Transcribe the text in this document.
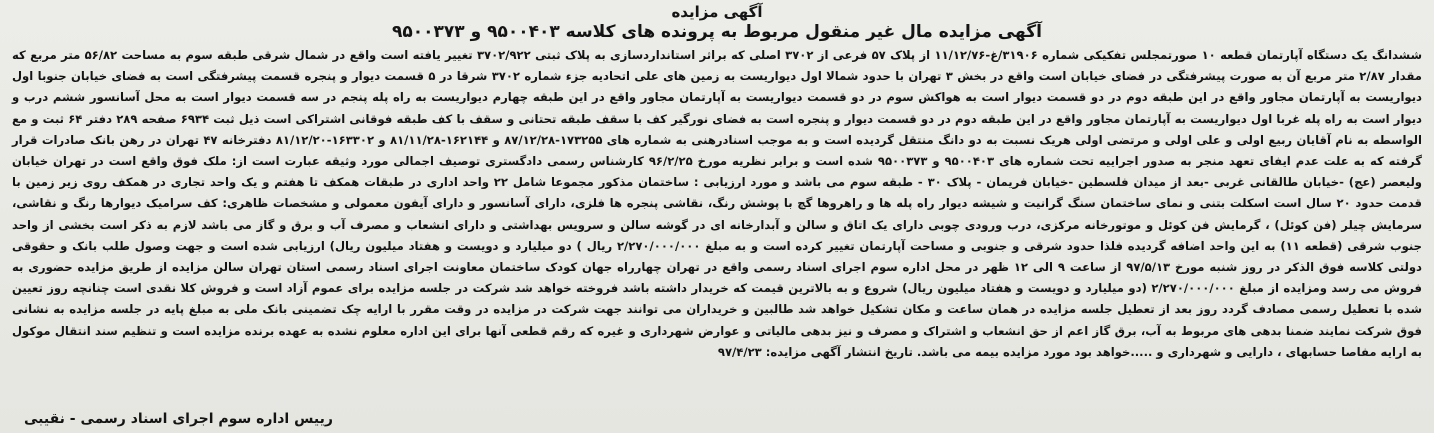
آگهی مزایده
آگهی مزایده مال غیر منقول مربوط به پرونده های کلاسه ۹۵۰۰۴۰۳ و ۹۵۰۰۳۷۳

ششدانگ یک دستگاه آپارتمان قطعه ۱۰ صورتمجلس تفکیکی شماره ۳۱۹۰۶/غ-۱۱/۱۲/۷۶ از پلاک ۵۷ فرعی از ۳۷۰۲ اصلی که براثر استانداردسازی به پلاک ثبتی ۳۷۰۲/۹۲۲ تغییر یافته است واقع در شمال شرقی طبقه سوم به مساحت ۵۶/۸۲ متر مربع که مقدار ۲/۸۷ متر مربع آن به صورت پیشرفتگی در فضای خیابان است واقع در بخش ۳ تهران با حدود شمالا اول دیواریست به زمین های علی اتحادیه جزء شماره ۳۷۰۲ شرقا در ۵ قسمت دیوار و پنجره قسمت پیشرفتگی است به فضای خیابان جنوبا اول دیواریست به آپارتمان مجاور واقع در این طبقه دوم در دو قسمت دیوار است به هواکش سوم در دو قسمت دیواریست به آپارتمان مجاور واقع در این طبقه چهارم دیواریست به راه پله پنجم در سه قسمت دیوار است به محل آسانسور ششم درب و دیوار است به راه پله غربا اول دیواریست به آپارتمان مجاور واقع در این طبقه دوم در دو قسمت دیوار و پنجره است به فضای نورگیر کف با سقف طبقه تحتانی و سقف با کف طبقه فوقانی اشتراکی است ذیل ثبت ۶۹۳۴ صفحه ۲۸۹ دفتر ۶۴ ثبت و مع الواسطه به نام آقایان ربیع اولی و علی اولی و مرتضی اولی هریک نسبت به دو دانگ منتقل گردیده است و به موجب اسنادرهنی به شماره های ۱۷۳۲۵۵-۸۷/۱۲/۲۸ و ۱۶۲۱۴۴-۸۱/۱۱/۲۸ و ۱۶۳۳۰۲-۸۱/۱۲/۲۰ دفترخانه ۴۷ تهران در رهن بانک صادرات قرار گرفته که به علت عدم ایفای تعهد منجر به صدور اجراییه تحت شماره های ۹۵۰۰۴۰۳ و ۹۵۰۰۳۷۳ شده است و برابر نظریه مورخ ۹۶/۲/۲۵ کارشناس رسمی دادگستری توصیف اجمالی مورد وثیقه عبارت است از: ملک فوق واقع است در تهران خیابان ولیعصر (عج) -خیابان طالقانی غربی -بعد از میدان فلسطین -خیابان فریمان - پلاک ۳۰ - طبقه سوم می باشد و مورد ارزیابی : ساختمان مذکور مجموعا شامل ۲۲ واحد اداری در طبقات همکف تا هفتم و یک واحد تجاری در همکف روی زیر زمین با قدمت حدود ۲۰ سال است اسکلت بتنی و نمای ساختمان سنگ گرانیت و شیشه دیوار راه پله ها و راهروها گچ با پوشش رنگ، نقاشی پنجره ها فلزی، دارای آسانسور و دارای آیفون معمولی و مشخصات ظاهری: کف سرامیک دیوارها رنگ و نقاشی، سرمایش چیلر (فن کوئل) ، گرمایش فن کوئل و موتورخانه مرکزی، درب ورودی چوبی دارای یک اتاق و سالن و آبدارخانه ای در گوشه سالن و سرویس بهداشتی و دارای انشعاب و مصرف آب و برق و گاز می باشد لازم به ذکر است بخشی از واحد جنوب شرقی (قطعه ۱۱) به این واحد اضافه گردیده فلذا حدود شرقی و جنوبی و مساحت آپارتمان تغییر کرده است و به مبلغ ۲/۲۷۰/۰۰۰/۰۰۰ ریال ) دو میلیارد و دویست و هفتاد میلیون ریال) ارزیابی شده است و جهت وصول طلب بانک و حقوقی دولتی کلاسه فوق الذکر در روز شنبه مورخ ۹۷/۵/۱۳ از ساعت ۹ الی ۱۲ ظهر در محل اداره سوم اجرای اسناد رسمی واقع در تهران چهارراه جهان کودک ساختمان معاونت اجرای اسناد رسمی استان تهران سالن مزایده از طریق مزایده حضوری به فروش می رسد ومزایده از مبلغ ۲/۲۷۰/۰۰۰/۰۰۰ (دو میلیارد و دویست و هفتاد میلیون ریال) شروع و به بالاترین قیمت که خریدار داشته باشد فروخته خواهد شد شرکت در جلسه مزایده برای عموم آزاد است و فروش کلا نقدی است چنانچه روز تعیین شده با تعطیل رسمی مصادف گردد روز بعد از تعطیل جلسه مزایده در همان ساعت و مکان تشکیل خواهد شد طالبین و خریداران می توانند جهت شرکت در مزایده در وقت مقرر با ارایه چک تضمینی بانک ملی به مبلغ پایه در جلسه مزایده به نشانی فوق شرکت نمایند ضمنا بدهی های مربوط به آب، برق گاز اعم از حق انشعاب و اشتراک و مصرف و نیز بدهی مالیاتی و عوارض شهرداری و غیره که رقم قطعی آنها برای این اداره معلوم نشده به عهده برنده مزایده است و تنظیم سند انتقال موکول به ارایه مفاصا حسابهای ، دارایی و شهرداری و .....خواهد بود مورد مزایده بیمه می باشد. تاریخ انتشار آگهی مزایده: ۹۷/۴/۲۳

رییس اداره سوم اجرای اسناد رسمی - نقیبی
